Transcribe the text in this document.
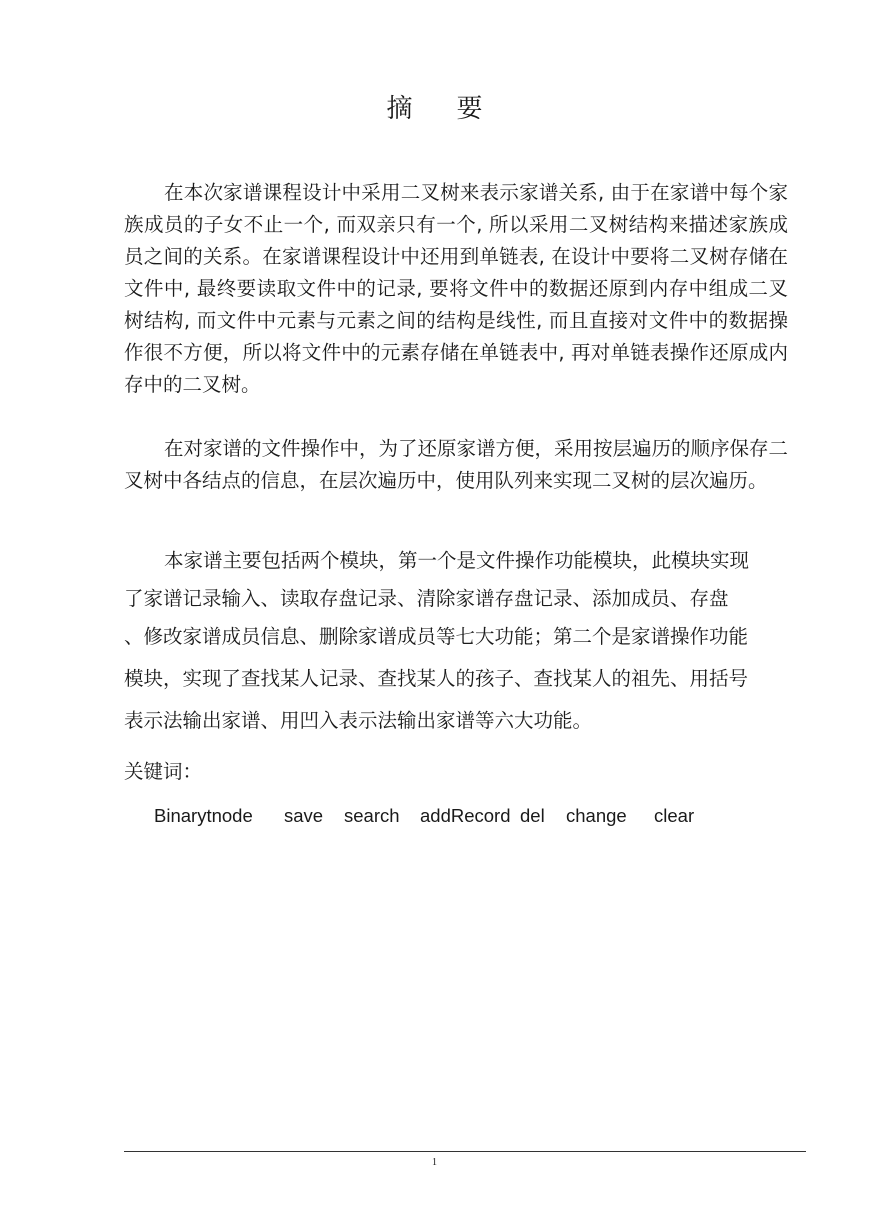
摘 要
在本次家谱课程设计中采用二叉树来表示家谱关系, 由于在家谱中每个家族成员的子女不止一个, 而双亲只有一个, 所以采用二叉树结构来描述家族成员之间的关系。在家谱课程设计中还用到单链表, 在设计中要将二叉树存储在文件中, 最终要读取文件中的记录, 要将文件中的数据还原到内存中组成二叉树结构, 而文件中元素与元素之间的结构是线性, 而且直接对文件中的数据操作很不方便，所以将文件中的元素存储在单链表中, 再对单链表操作还原成内存中的二叉树。
在对家谱的文件操作中，为了还原家谱方便，采用按层遍历的顺序保存二叉树中各结点的信息，在层次遍历中，使用队列来实现二叉树的层次遍历。
本家谱主要包括两个模块，第一个是文件操作功能模块，此模块实现
了家谱记录输入、读取存盘记录、清除家谱存盘记录、添加成员、存盘
、修改家谱成员信息、删除家谱成员等七大功能；第二个是家谱操作功能
模块，实现了查找某人记录、查找某人的孩子、查找某人的祖先、用括号
表示法输出家谱、用凹入表示法输出家谱等六大功能。
关键词：
Binarytnode save search addRecord del change clear
1
